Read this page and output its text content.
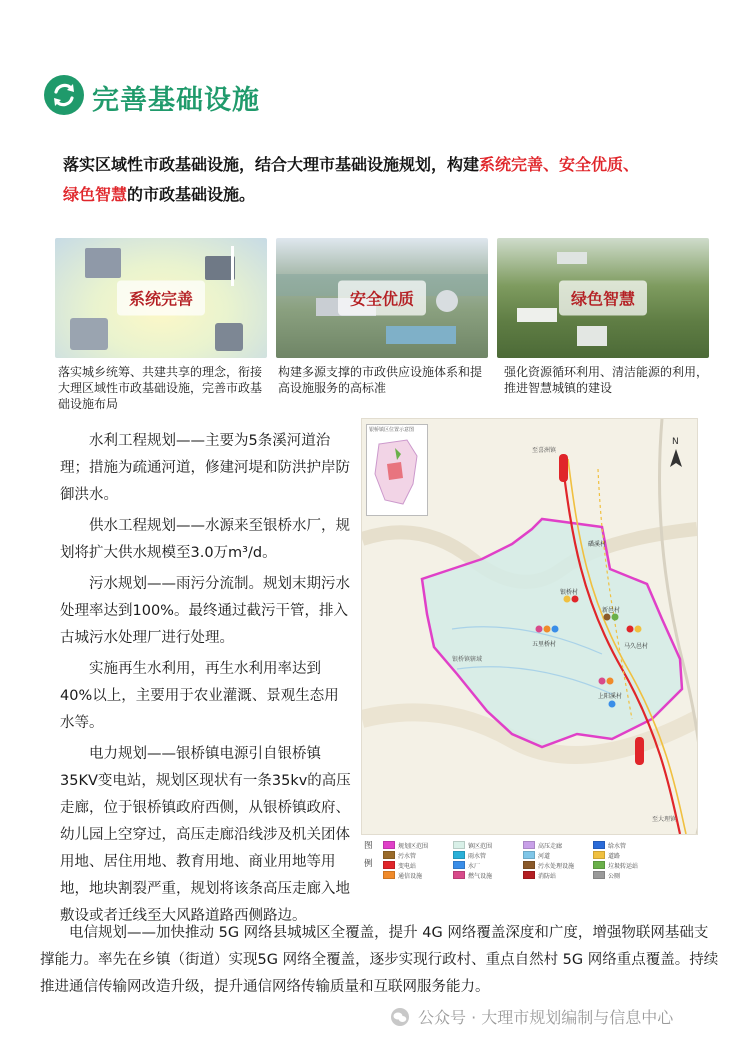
完善基础设施
落实区域性市政基础设施，结合大理市基础设施规划，构建系统完善、安全优质、
绿色智慧的市政基础设施。
系统完善
落实城乡统筹、共建共享的理念，衔接大理区域性市政基础设施，完善市政基础设施布局
安全优质
构建多源支撑的市政供应设施体系和提高设施服务的高标准
绿色智慧
强化资源循环利用、清洁能源的利用，推进智慧城镇的建设

水利工程规划——主要为5条溪河道治理；措施为疏通河道，修建河堤和防洪护岸防御洪水。

供水工程规划——水源来至银桥水厂，规划将扩大供水规模至3.0万m³/d。

污水规划——雨污分流制。规划末期污水处理率达到100%。最终通过截污干管，排入古城污水处理厂进行处理。

实施再生水利用，再生水利用率达到40%以上，主要用于农业灌溉、景观生态用水等。

电力规划——银桥镇电源引自银桥镇35KV变电站，规划区现状有一条35kv的高压走廊，位于银桥镇政府西侧，从银桥镇政府、幼儿园上空穿过，高压走廊沿线涉及机关团体用地、居住用地、教育用地、商业用地等用地，地块割裂严重，规划将该条高压走廊入地敷设或者迁线至大风路道路西侧路边。

N
至喜洲镇
至大理镇
银桥镇辖域
磻溪村
银桥村
新邑村
五里桥村	马久邑村
上阳溪村
银桥镇区位置示意图
图例
规划区范围	镇区范围	高压走廊	给水管
污水管	雨水管	河道	道路
变电站	水厂	污水处理设施	垃圾转运站
通信设施	燃气设施	消防站	公厕

电信规划——加快推动 5G 网络县城城区全覆盖，提升 4G 网络覆盖深度和广度，增强物联网基础支撑能力。率先在乡镇（街道）实现5G 网络全覆盖，逐步实现行政村、重点自然村 5G 网络重点覆盖。持续推进通信传输网改造升级，提升通信网络传输质量和互联网服务能力。

公众号 · 大理市规划编制与信息中心
